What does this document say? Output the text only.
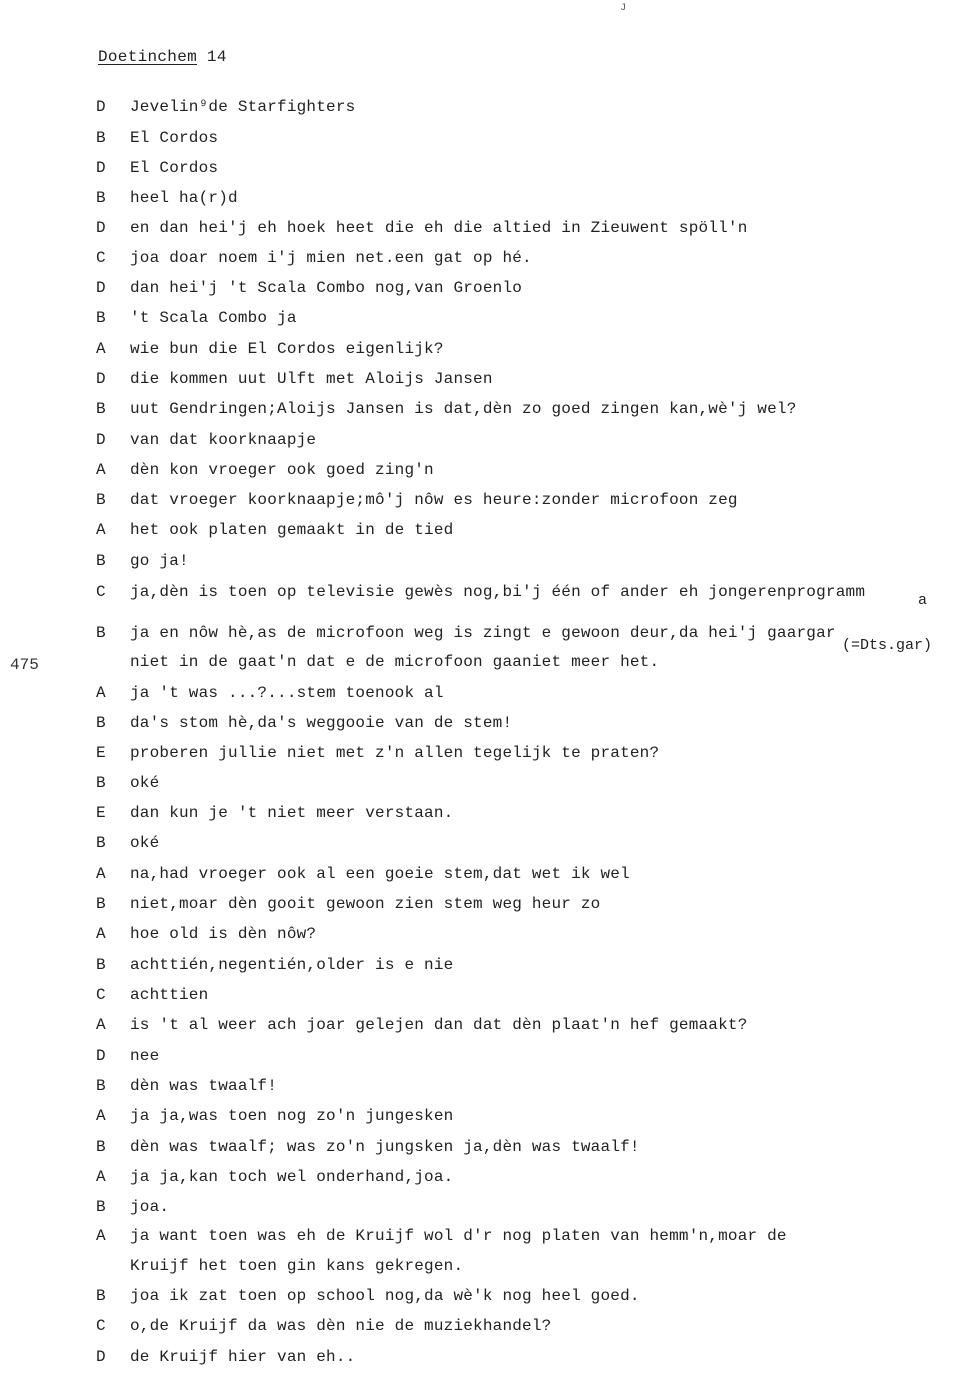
ᴊ
Doetinchem 14
D	Jevelin⁹de Starfighters
B	El Cordos
D	El Cordos
B	heel ha(r)d
D	en dan hei'j eh hoek heet die eh die altied in Zieuwent spöll'n
C	joa doar noem i'j mien net.een gat op hé.
D	dan hei'j 't Scala Combo nog,van Groenlo
B	't Scala Combo ja
A	wie bun die El Cordos eigenlijk?
D	die kommen uut Ulft met Aloijs Jansen
B	uut Gendringen;Aloijs Jansen is dat,dèn zo goed zingen kan,wè'j wel?
D	van dat koorknaapje
A	dèn kon vroeger ook goed zing'n
B	dat vroeger koorknaapje;mô'j nôw es heure:zonder microfoon zeg
A	het ook platen gemaakt in de tied
B	go ja!
C	ja,dèn is toen op televisie gewès nog,bi'j één of ander eh jongerenprogramm
B	ja en nôw hè,as de microfoon weg is zingt e gewoon deur,da hei'j gaargar
niet in de gaat'n dat e de microfoon gaaniet meer het.
A	ja 't was ...?...stem toenook al
B	da's stom hè,da's weggooie van de stem!
E	proberen jullie niet met z'n allen tegelijk te praten?
B	oké
E	dan kun je 't niet meer verstaan.
B	oké
A	na,had vroeger ook al een goeie stem,dat wet ik wel
B	niet,moar dèn gooit gewoon zien stem weg heur zo
A	hoe old is dèn nôw?
B	achttién,negentién,older is e nie
C	achttien
A	is 't al weer ach joar gelejen dan dat dèn plaat'n hef gemaakt?
D	nee
B	dèn was twaalf!
A	ja ja,was toen nog zo'n jungesken
B	dèn was twaalf; was zo'n jungsken ja,dèn was twaalf!
A	ja ja,kan toch wel onderhand,joa.
B	joa.
A	ja want toen was eh de Kruijf wol d'r nog platen van hemm'n,moar de
Kruijf het toen gin kans gekregen.
B	joa ik zat toen op school nog,da wè'k nog heel goed.
C	o,de Kruijf da was dèn nie de muziekhandel?
D	de Kruijf hier van eh..
475
a
(=Dts.gar)
